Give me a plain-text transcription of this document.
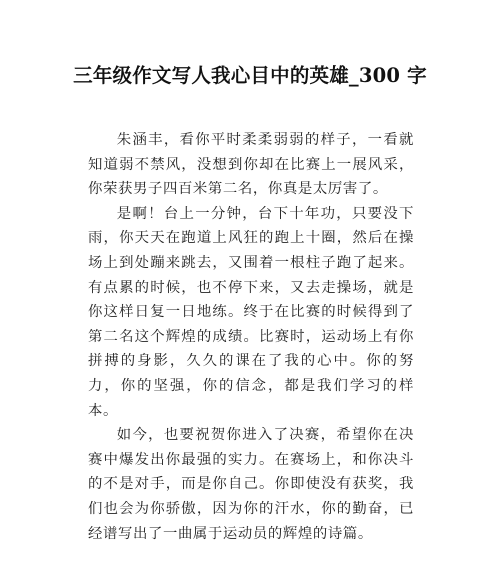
三年级作文写人我心目中的英雄_300 字

朱涵丰，看你平时柔柔弱弱的样子，一看就知道弱不禁风，没想到你却在比赛上一展风采，你荣获男子四百米第二名，你真是太厉害了。

是啊！台上一分钟，台下十年功，只要没下雨，你天天在跑道上风狂的跑上十圈，然后在操场上到处蹦来跳去，又围着一根柱子跑了起来。有点累的时候，也不停下来，又去走操场，就是你这样日复一日地练。终于在比赛的时候得到了第二名这个辉煌的成绩。比赛时，运动场上有你拼搏的身影，久久的课在了我的心中。你的努力，你的坚强，你的信念，都是我们学习的样本。

如今，也要祝贺你进入了决赛，希望你在决赛中爆发出你最强的实力。在赛场上，和你决斗的不是对手，而是你自己。你即使没有获奖，我们也会为你骄傲，因为你的汗水，你的勤奋，已经谱写出了一曲属于运动员的辉煌的诗篇。
